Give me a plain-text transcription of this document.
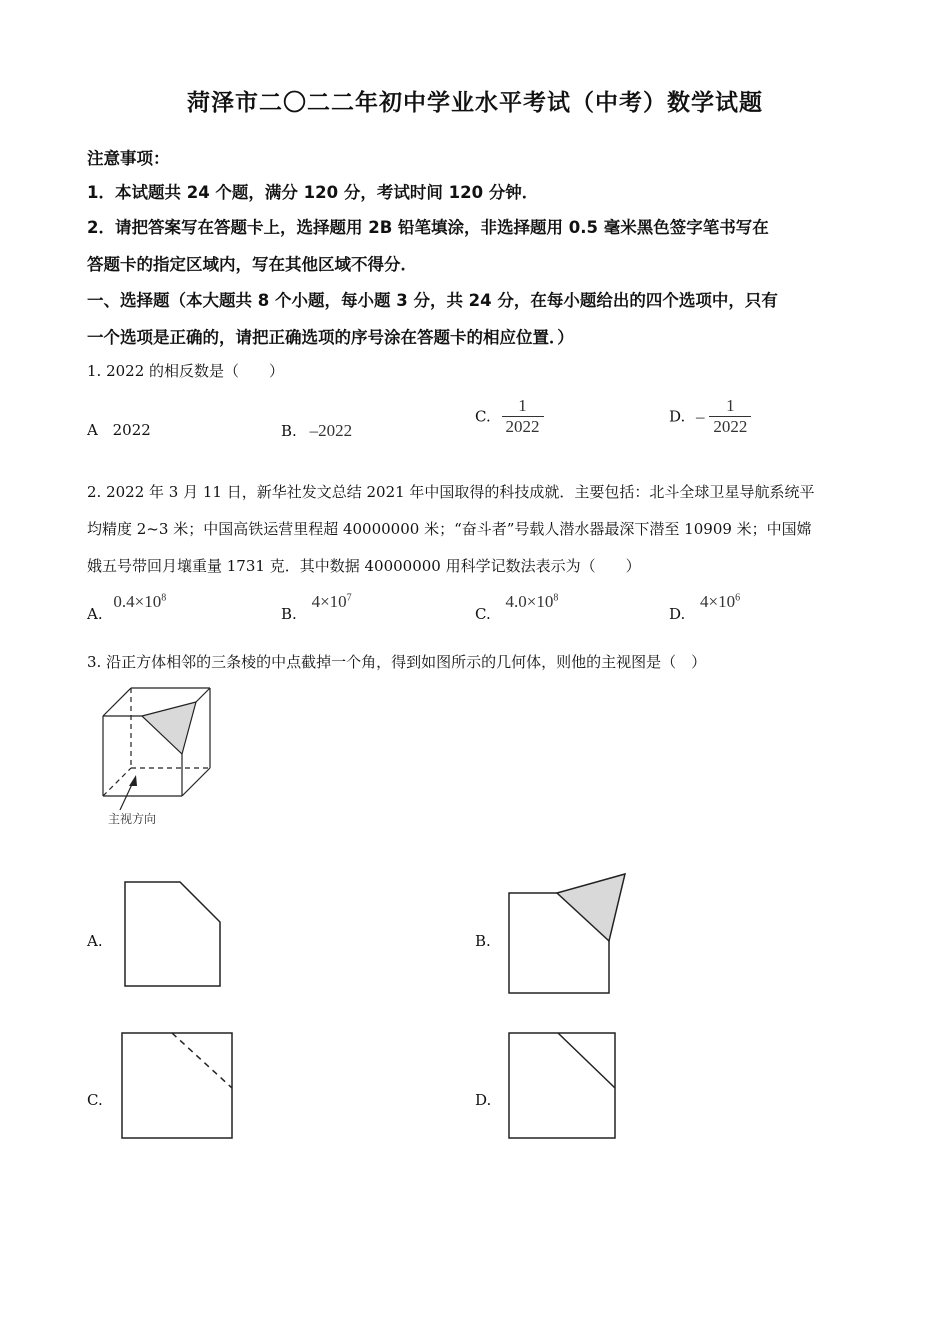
菏泽市二〇二二年初中学业水平考试（中考）数学试题
注意事项：
1．本试题共 24 个题，满分 120 分，考试时间 120 分钟．
2．请把答案写在答题卡上，选择题用 2B 铅笔填涂，非选择题用 0.5 毫米黑色签字笔书写在
答题卡的指定区域内，写在其他区域不得分．
一、选择题（本大题共 8 个小题，每小题 3 分，共 24 分，在每小题给出的四个选项中，只有
一个选项是正确的，请把正确选项的序号涂在答题卡的相应位置．）
1. 2022 的相反数是（　　）
A 2022	B. –2022
C. $\frac{1}{2022}$	D. – $\frac{1}{2022}$
2. 2022 年 3 月 11 日，新华社发文总结 2021 年中国取得的科技成就．主要包括：北斗全球卫星导航系统平
均精度 2~3 米；中国高铁运营里程超 40000000 米；“奋斗者”号载人潜水器最深下潜至 10909 米；中国嫦
娥五号带回月壤重量 1731 克．其中数据 40000000 用科学记数法表示为（　　）
A. $0.4\times 10^8$
B. $4\times 10^7$
C. $4.0\times 10^8$
D. $4\times 10^6$
3. 沿正方体相邻的三条棱的中点截掉一个角，得到如图所示的几何体，则他的主视图是（　）
主视方向
A.	B.
C.	D.
